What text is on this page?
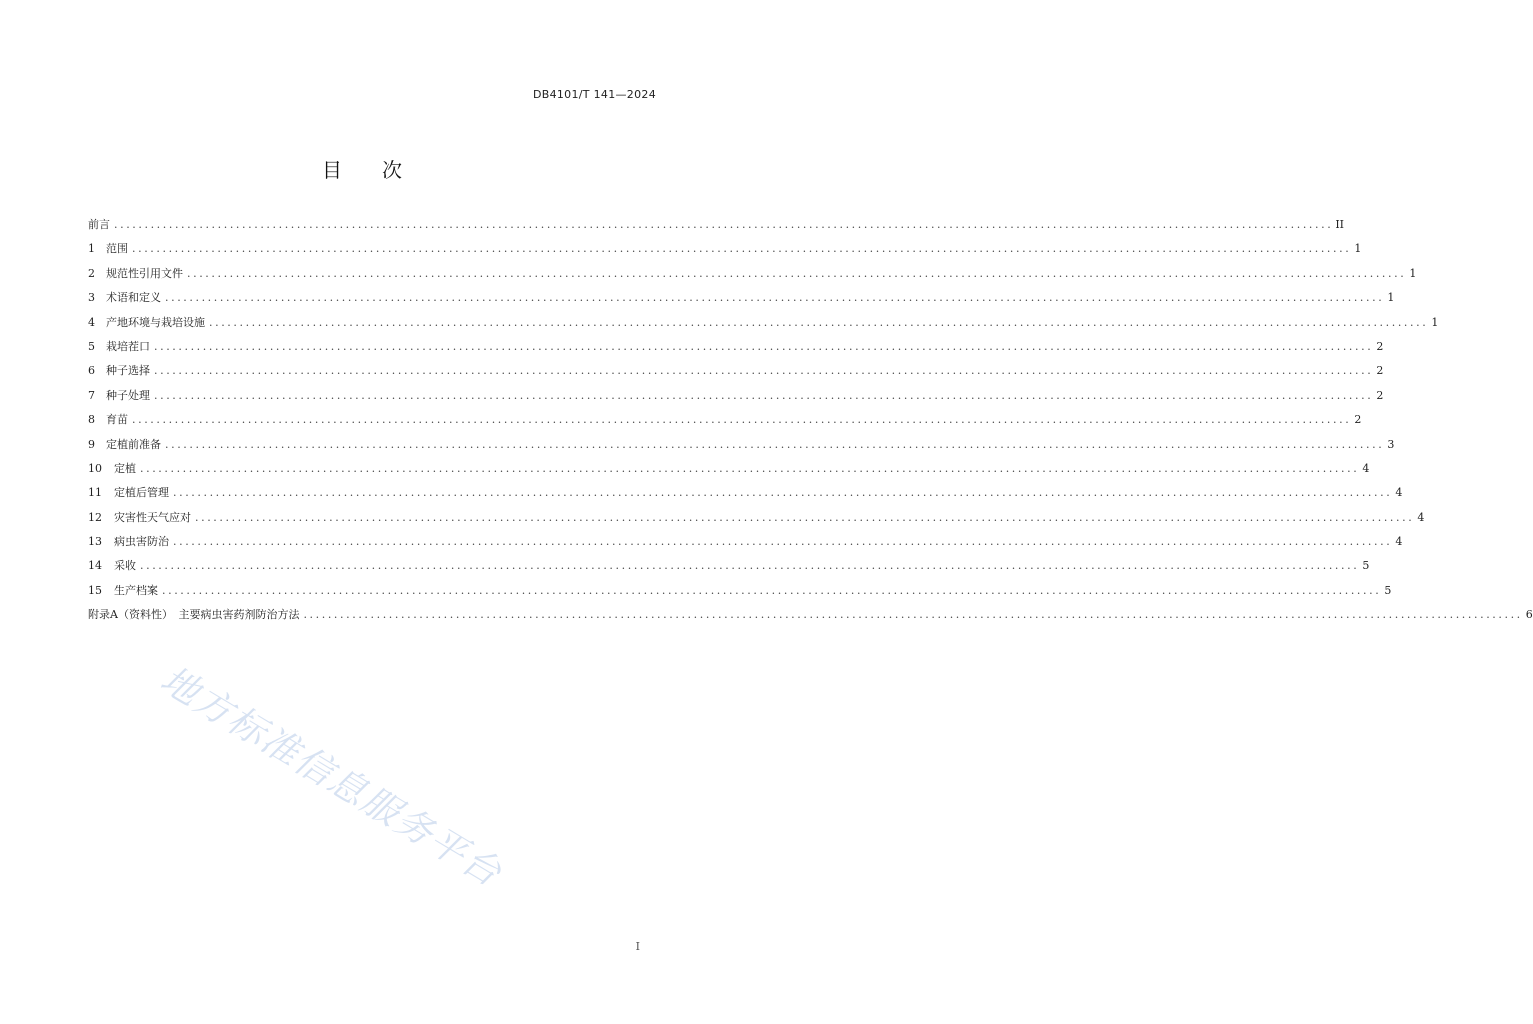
DB4101/T 141—2024
目　　次
前言 ........................................................................................................................................................................................................ II
1	范围 ........................................................................................................................................................................................................ 1
2	规范性引用文件 ........................................................................................................................................................................................................ 1
3	术语和定义 ........................................................................................................................................................................................................ 1
4	产地环境与栽培设施 ........................................................................................................................................................................................................ 1
5	栽培茬口 ........................................................................................................................................................................................................ 2
6	种子选择 ........................................................................................................................................................................................................ 2
7	种子处理 ........................................................................................................................................................................................................ 2
8	育苗 ........................................................................................................................................................................................................ 2
9	定植前准备 ........................................................................................................................................................................................................ 3
10	定植 ........................................................................................................................................................................................................ 4
11	定植后管理 ........................................................................................................................................................................................................ 4
12	灾害性天气应对 ........................................................................................................................................................................................................ 4
13	病虫害防治 ........................................................................................................................................................................................................ 4
14	采收 ........................................................................................................................................................................................................ 5
15	生产档案 ........................................................................................................................................................................................................ 5
附录A（资料性）　主要病虫害药剂防治方法 ........................................................................................................................................................................................................ 6
地方标准信息服务平台
I
